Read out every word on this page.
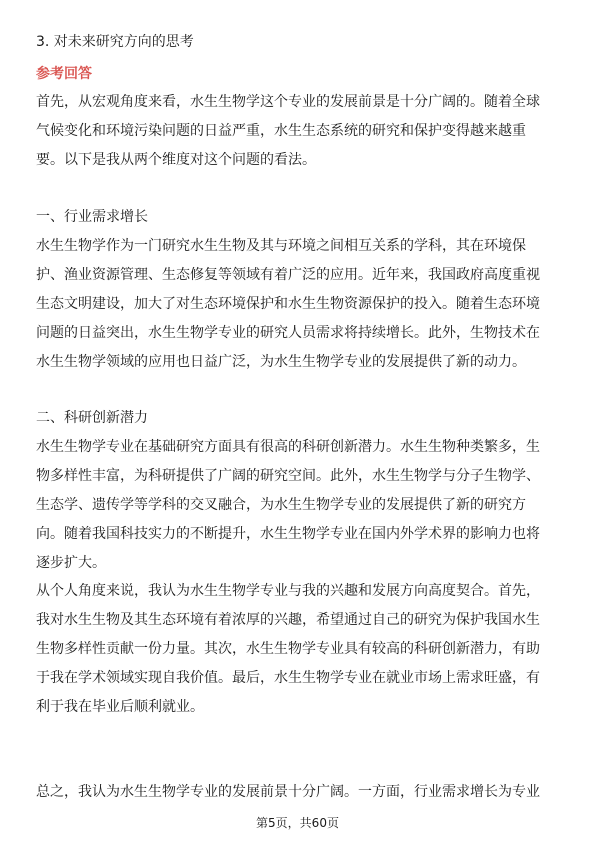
3. 对未来研究方向的思考
参考回答
首先，从宏观角度来看，水生生物学这个专业的发展前景是十分广阔的。随着全球
气候变化和环境污染问题的日益严重，水生生态系统的研究和保护变得越来越重
要。以下是我从两个维度对这个问题的看法。
一、行业需求增长
水生生物学作为一门研究水生生物及其与环境之间相互关系的学科，其在环境保
护、渔业资源管理、生态修复等领域有着广泛的应用。近年来，我国政府高度重视
生态文明建设，加大了对生态环境保护和水生生物资源保护的投入。随着生态环境
问题的日益突出，水生生物学专业的研究人员需求将持续增长。此外，生物技术在
水生生物学领域的应用也日益广泛，为水生生物学专业的发展提供了新的动力。
二、科研创新潜力
水生生物学专业在基础研究方面具有很高的科研创新潜力。水生生物种类繁多，生
物多样性丰富，为科研提供了广阔的研究空间。此外，水生生物学与分子生物学、
生态学、遗传学等学科的交叉融合，为水生生物学专业的发展提供了新的研究方
向。随着我国科技实力的不断提升，水生生物学专业在国内外学术界的影响力也将
逐步扩大。
从个人角度来说，我认为水生生物学专业与我的兴趣和发展方向高度契合。首先，
我对水生生物及其生态环境有着浓厚的兴趣，希望通过自己的研究为保护我国水生
生物多样性贡献一份力量。其次，水生生物学专业具有较高的科研创新潜力，有助
于我在学术领域实现自我价值。最后，水生生物学专业在就业市场上需求旺盛，有
利于我在毕业后顺利就业。
总之，我认为水生生物学专业的发展前景十分广阔。一方面，行业需求增长为专业
第5页，共60页
